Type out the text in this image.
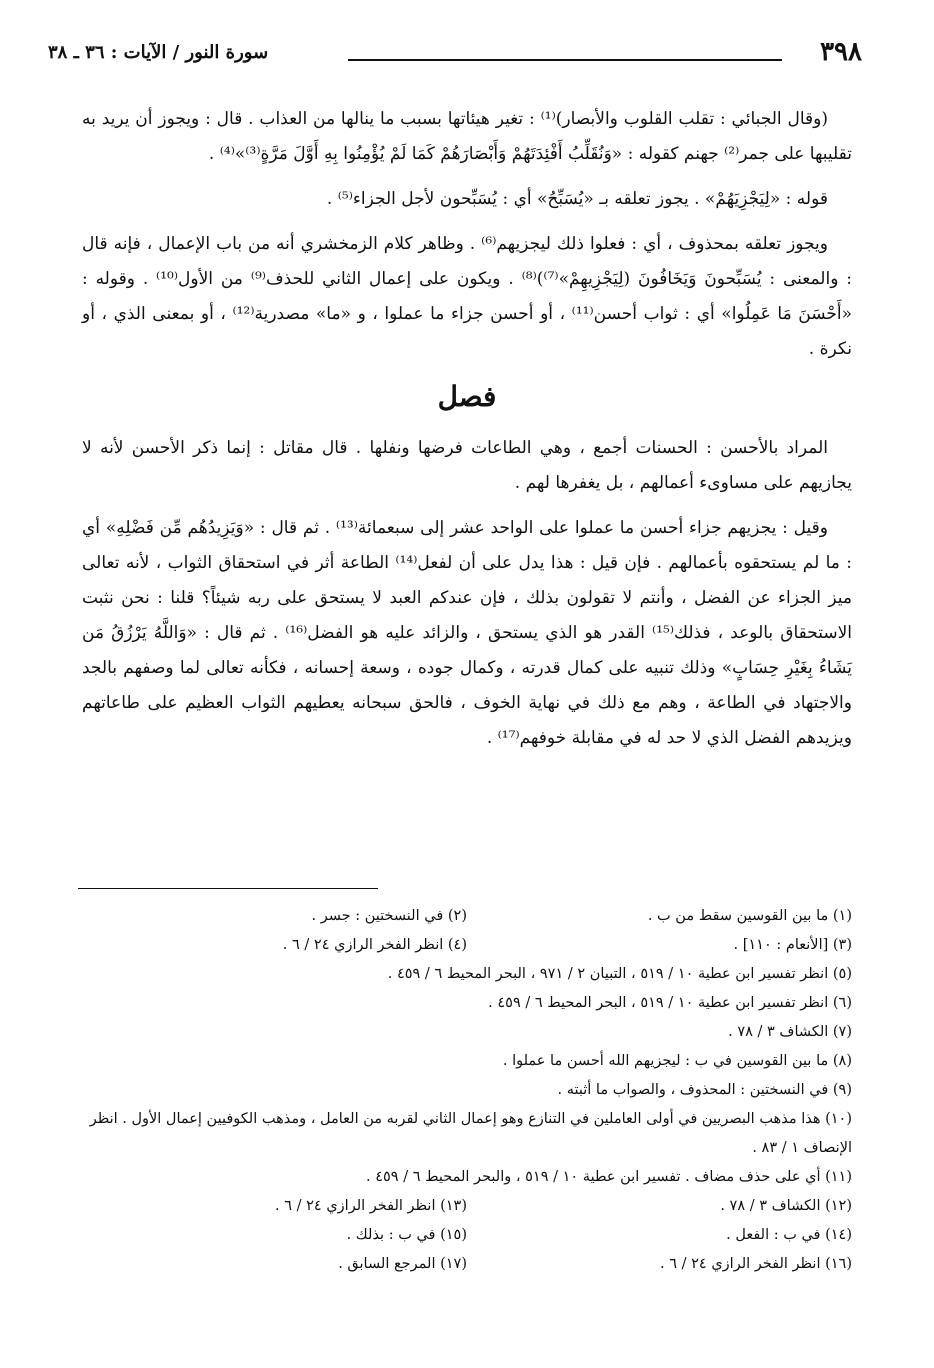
٣٩٨
سورة النور / الآيات : ٣٦ ـ ٣٨

(وقال الجبائي : تقلب القلوب والأبصار)⁽¹⁾ : تغير هيئاتها بسبب ما ينالها من العذاب . قال : ويجوز أن يريد به تقليبها على جمر⁽²⁾ جهنم كقوله : «وَنُقَلِّبُ أَفْئِدَتَهُمْ وَأَبْصَارَهُمْ كَمَا لَمْ يُؤْمِنُوا بِهِ أَوَّلَ مَرَّةٍ⁽³⁾»⁽⁴⁾ .

قوله : «لِيَجْزِيَهُمْ» . يجوز تعلقه بـ «يُسَبِّحُ» أي : يُسَبِّحون لأجل الجزاء⁽⁵⁾ .

ويجوز تعلقه بمحذوف ، أي : فعلوا ذلك ليجزيهم⁽⁶⁾ . وظاهر كلام الزمخشري أنه من باب الإعمال ، فإنه قال : والمعنى : يُسَبِّحونَ وَيَخَافُونَ (لِيَجْزِيهِمْ»⁽⁷⁾)⁽⁸⁾ . ويكون على إعمال الثاني للحذف⁽⁹⁾ من الأول⁽¹⁰⁾ . وقوله : «أَحْسَنَ مَا عَمِلُوا» أي : ثواب أحسن⁽¹¹⁾ ، أو أحسن جزاء ما عملوا ، و «ما» مصدرية⁽¹²⁾ ، أو بمعنى الذي ، أو نكرة .

فصل

المراد بالأحسن : الحسنات أجمع ، وهي الطاعات فرضها ونفلها . قال مقاتل : إنما ذكر الأحسن لأنه لا يجازيهم على مساوىء أعمالهم ، بل يغفرها لهم .

وقيل : يجزيهم جزاء أحسن ما عملوا على الواحد عشر إلى سبعمائة⁽¹³⁾ . ثم قال : «وَيَزِيدُهُم مِّن فَضْلِهِ» أي : ما لم يستحقوه بأعمالهم . فإن قيل : هذا يدل على أن لفعل⁽¹⁴⁾ الطاعة أثر في استحقاق الثواب ، لأنه تعالى ميز الجزاء عن الفضل ، وأنتم لا تقولون بذلك ، فإن عندكم العبد لا يستحق على ربه شيئاً؟ قلنا : نحن نثبت الاستحقاق بالوعد ، فذلك⁽¹⁵⁾ القدر هو الذي يستحق ، والزائد عليه هو الفضل⁽¹⁶⁾ . ثم قال : «وَاللَّهُ يَرْزُقُ مَن يَشَاءُ بِغَيْرِ حِسَابٍ» وذلك تنبيه على كمال قدرته ، وكمال جوده ، وسعة إحسانه ، فكأنه تعالى لما وصفهم بالجد والاجتهاد في الطاعة ، وهم مع ذلك في نهاية الخوف ، فالحق سبحانه يعطيهم الثواب العظيم على طاعاتهم ويزيدهم الفضل الذي لا حد له في مقابلة خوفهم⁽¹⁷⁾ .

(١) ما بين القوسين سقط من ب .
(٢) في النسختين : جسر .
(٣) [الأنعام : ١١٠] .
(٤) انظر الفخر الرازي ٢٤ / ٦ .
(٥) انظر تفسير ابن عطية ١٠ / ٥١٩ ، التبيان ٢ / ٩٧١ ، البحر المحيط ٦ / ٤٥٩ .
(٦) انظر تفسير ابن عطية ١٠ / ٥١٩ ، البحر المحيط ٦ / ٤٥٩ .
(٧) الكشاف ٣ / ٧٨ .
(٨) ما بين القوسين في ب : ليجزيهم الله أحسن ما عملوا .
(٩) في النسختين : المحذوف ، والصواب ما أثبته .
(١٠) هذا مذهب البصريين في أولى العاملين في التنازع وهو إعمال الثاني لقربه من العامل ، ومذهب الكوفيين إعمال الأول . انظر الإنصاف ١ / ٨٣ .
(١١) أي على حذف مضاف . تفسير ابن عطية ١٠ / ٥١٩ ، والبحر المحيط ٦ / ٤٥٩ .
(١٢) الكشاف ٣ / ٧٨ .
(١٣) انظر الفخر الرازي ٢٤ / ٦ .
(١٤) في ب : الفعل .
(١٥) في ب : بذلك .
(١٦) انظر الفخر الرازي ٢٤ / ٦ .
(١٧) المرجع السابق .
